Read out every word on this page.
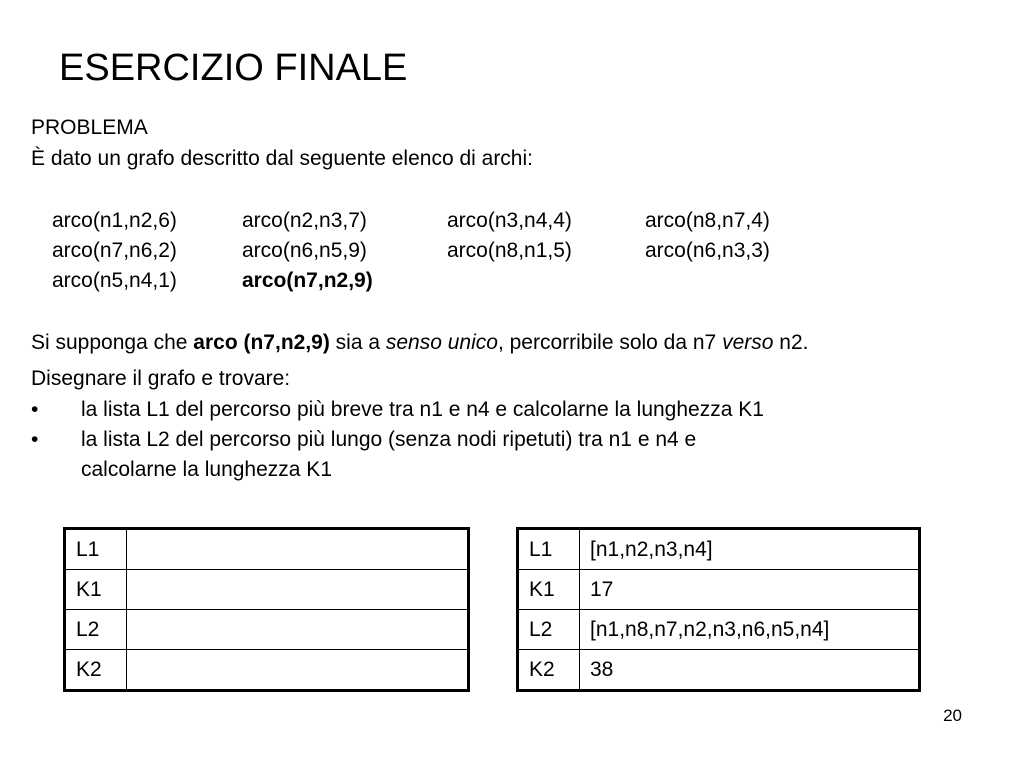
ESERCIZIO FINALE
PROBLEMA
È dato un grafo descritto dal seguente elenco di archi:
arco(n1,n2,6)	arco(n2,n3,7)	arco(n3,n4,4)	arco(n8,n7,4)
arco(n7,n6,2)	arco(n6,n5,9)	arco(n8,n1,5)	arco(n6,n3,3)
arco(n5,n4,1)	arco(n7,n2,9)
Si supponga che arco (n7,n2,9) sia a senso unico, percorribile solo da n7 verso n2.
Disegnare il grafo e trovare:
•	la lista L1 del percorso più breve tra n1 e n4 e calcolarne la lunghezza K1
•	la lista L2 del percorso più lungo (senza nodi ripetuti) tra n1 e n4 e
calcolarne la lunghezza K1
L1	
K1	
L2	
K2	
L1	[n1,n2,n3,n4]
K1	17
L2	[n1,n8,n7,n2,n3,n6,n5,n4]
K2	38
20
